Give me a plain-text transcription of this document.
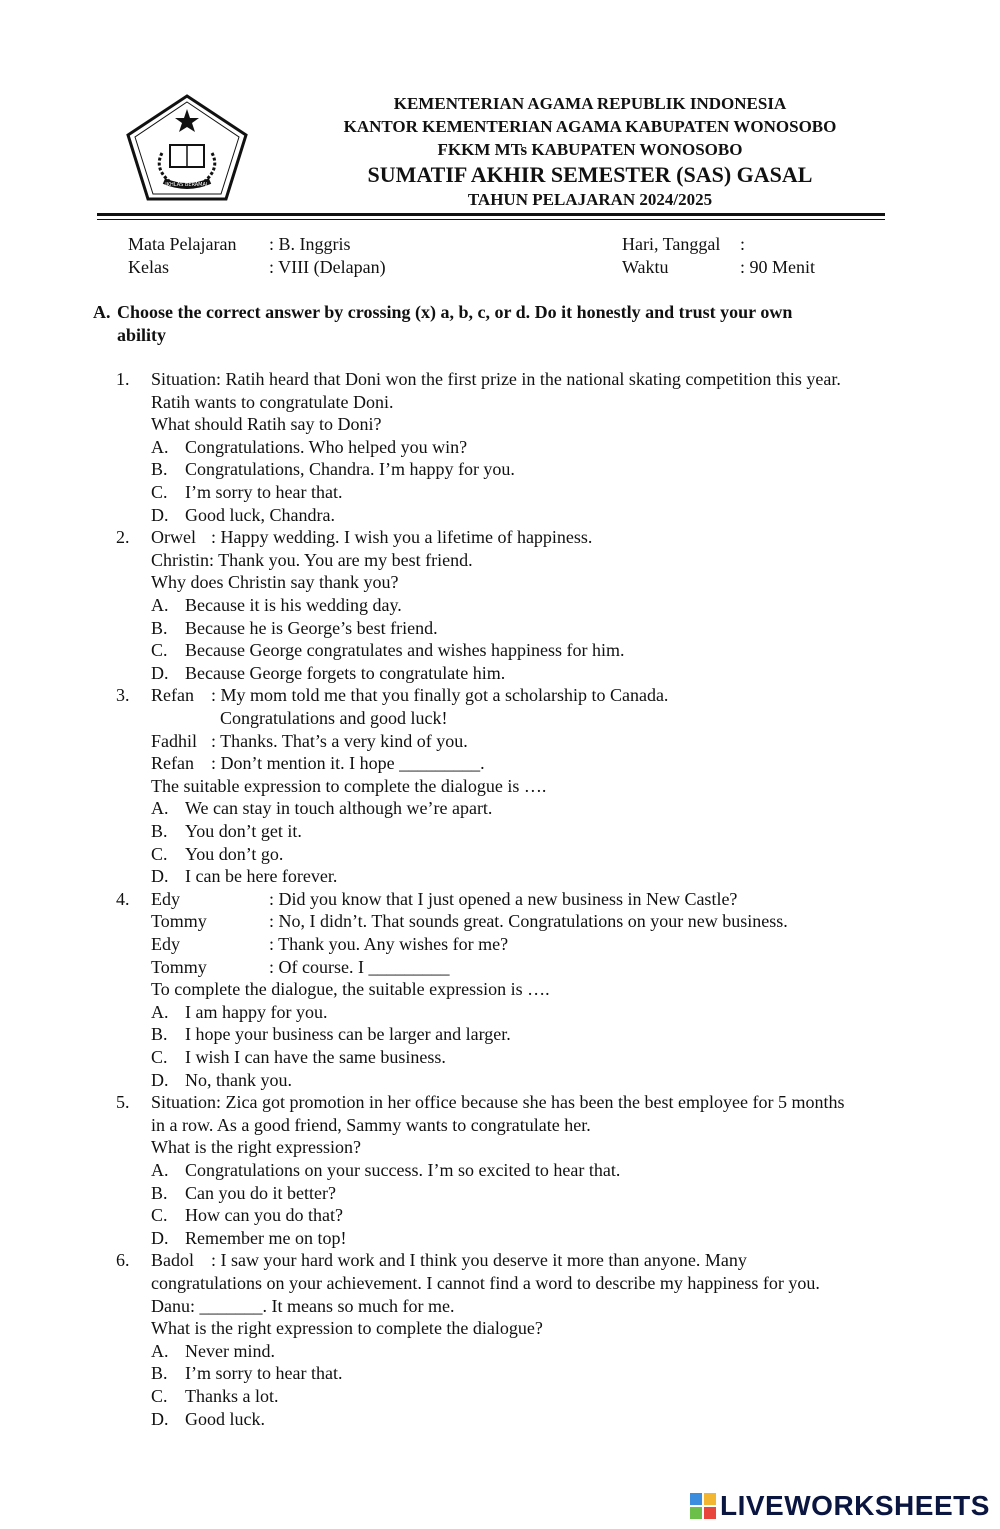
IKHLAS BERAMAL
KEMENTERIAN AGAMA REPUBLIK INDONESIA
KANTOR KEMENTERIAN AGAMA KABUPATEN WONOSOBO
FKKM MTs KABUPATEN WONOSOBO
SUMATIF AKHIR SEMESTER (SAS) GASAL
TAHUN PELAJARAN 2024/2025
Mata Pelajaran : B. Inggris	Hari, Tanggal :
Kelas	: VIII (Delapan)	Waktu	: 90 Menit
A. Choose the correct answer by crossing (x) a, b, c, or d. Do it honestly and trust your own
ability
1. Situation: Ratih heard that Doni won the first prize in the national skating competition this year.
Ratih wants to congratulate Doni.
What should Ratih say to Doni?
A. Congratulations. Who helped you win?
B. Congratulations, Chandra. I’m happy for you.
C. I’m sorry to hear that.
D. Good luck, Chandra.
2. Orwel : Happy wedding. I wish you a lifetime of happiness.
Christin: Thank you. You are my best friend.
Why does Christin say thank you?
A. Because it is his wedding day.
B. Because he is George’s best friend.
C. Because George congratulates and wishes happiness for him.
D. Because George forgets to congratulate him.
3. Refan : My mom told me that you finally got a scholarship to Canada.
Congratulations and good luck!
Fadhil : Thanks. That’s a very kind of you.
Refan : Don’t mention it. I hope _________.
The suitable expression to complete the dialogue is ….
A. We can stay in touch although we’re apart.
B. You don’t get it.
C. You don’t go.
D. I can be here forever.
4. Edy	: Did you know that I just opened a new business in New Castle?
Tommy	: No, I didn’t. That sounds great. Congratulations on your new business.
Edy	: Thank you. Any wishes for me?
Tommy	: Of course. I _________
To complete the dialogue, the suitable expression is ….
A. I am happy for you.
B. I hope your business can be larger and larger.
C. I wish I can have the same business.
D. No, thank you.
5. Situation: Zica got promotion in her office because she has been the best employee for 5 months
in a row. As a good friend, Sammy wants to congratulate her.
What is the right expression?
A. Congratulations on your success. I’m so excited to hear that.
B. Can you do it better?
C. How can you do that?
D. Remember me on top!
6. Badol : I saw your hard work and I think you deserve it more than anyone. Many
congratulations on your achievement. I cannot find a word to describe my happiness for you.
Danu: _______. It means so much for me.
What is the right expression to complete the dialogue?
A. Never mind.
B. I’m sorry to hear that.
C. Thanks a lot.
D. Good luck.
LIVEWORKSHEETS
